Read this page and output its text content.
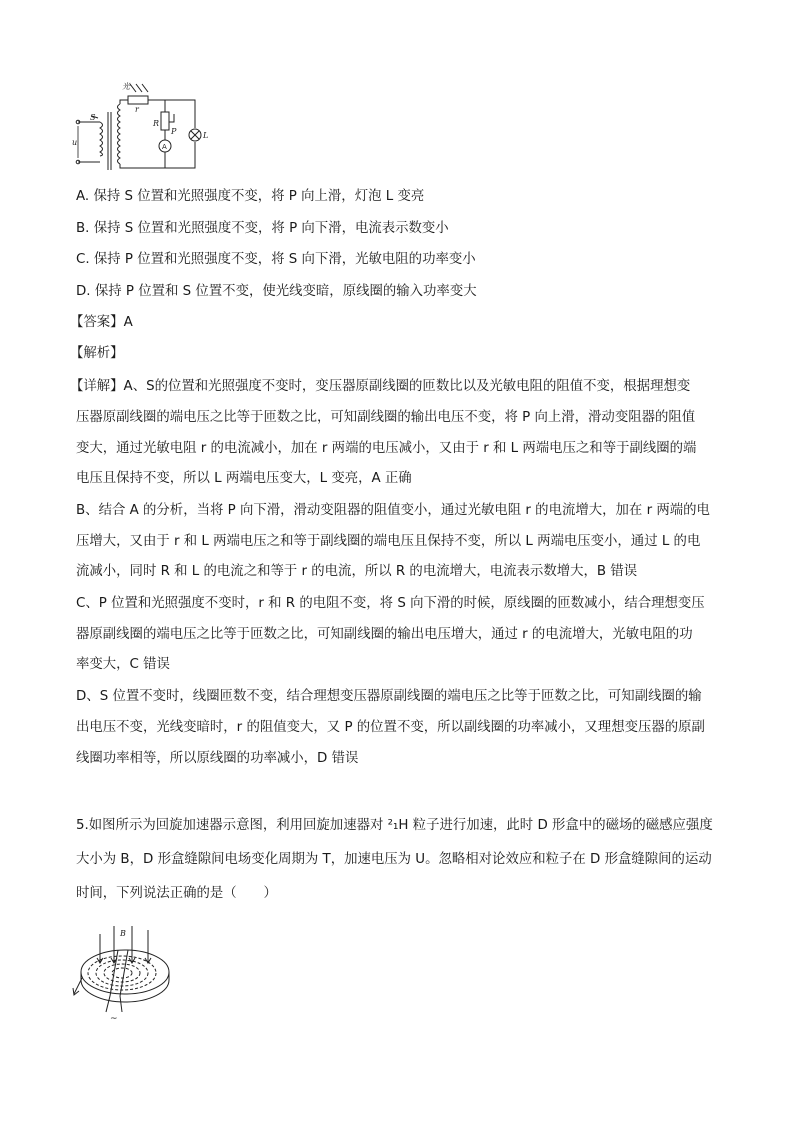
光
r
R
P
S
u
L
A
A. 保持 S 位置和光照强度不变，将 P 向上滑，灯泡 L 变亮
B. 保持 S 位置和光照强度不变，将 P 向下滑，电流表示数变小
C. 保持 P 位置和光照强度不变，将 S 向下滑，光敏电阻的功率变小
D. 保持 P 位置和 S 位置不变，使光线变暗，原线圈的输入功率变大
【答案】A
【解析】
【详解】A、S的位置和光照强度不变时，变压器原副线圈的匝数比以及光敏电阻的阻值不变，根据理想变
压器原副线圈的端电压之比等于匝数之比，可知副线圈的输出电压不变，将 P 向上滑，滑动变阻器的阻值
变大，通过光敏电阻 r 的电流减小，加在 r 两端的电压减小，又由于 r 和 L 两端电压之和等于副线圈的端
电压且保持不变，所以 L 两端电压变大，L 变亮，A 正确
B、结合 A 的分析，当将 P 向下滑，滑动变阻器的阻值变小，通过光敏电阻 r 的电流增大，加在 r 两端的电
压增大，又由于 r 和 L 两端电压之和等于副线圈的端电压且保持不变，所以 L 两端电压变小，通过 L 的电
流减小，同时 R 和 L 的电流之和等于 r 的电流，所以 R 的电流增大，电流表示数增大，B 错误
C、P 位置和光照强度不变时，r 和 R 的电阻不变，将 S 向下滑的时候，原线圈的匝数减小，结合理想变压
器原副线圈的端电压之比等于匝数之比，可知副线圈的输出电压增大，通过 r 的电流增大，光敏电阻的功
率变大，C 错误
D、S 位置不变时，线圈匝数不变，结合理想变压器原副线圈的端电压之比等于匝数之比，可知副线圈的输
出电压不变，光线变暗时，r 的阻值变大，又 P 的位置不变，所以副线圈的功率减小，又理想变压器的原副
线圈功率相等，所以原线圈的功率减小，D 错误
5.如图所示为回旋加速器示意图，利用回旋加速器对 ²₁H 粒子进行加速，此时 D 形盒中的磁场的磁感应强度
大小为 B，D 形盒缝隙间电场变化周期为 T，加速电压为 U。忽略相对论效应和粒子在 D 形盒缝隙间的运动
时间，下列说法正确的是（　　）
B
~
